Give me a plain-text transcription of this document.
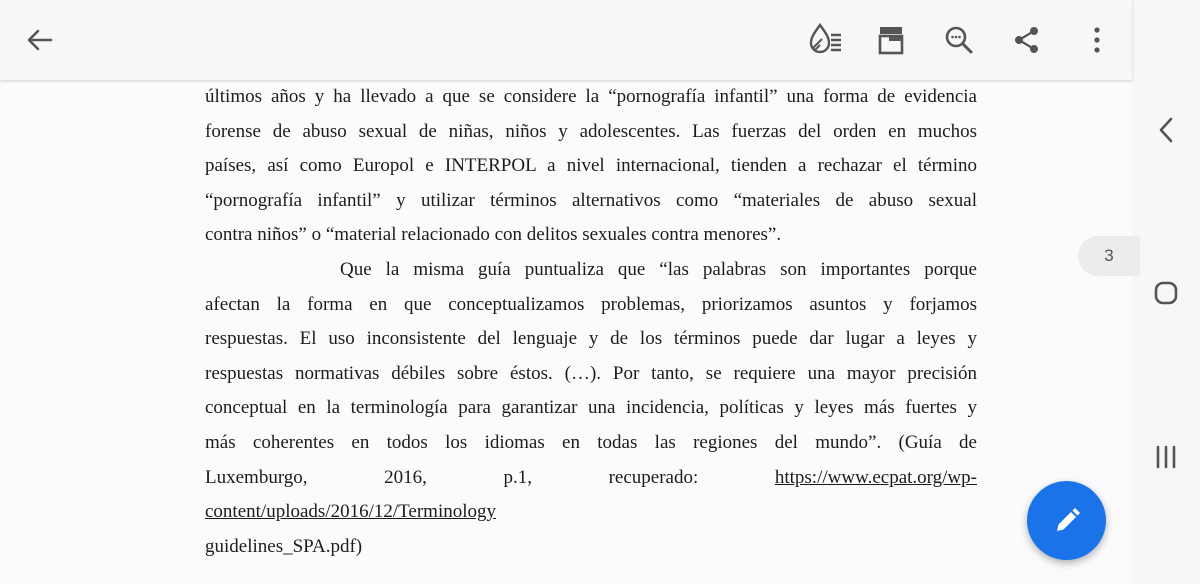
últimos años y ha llevado a que se considere la “pornografía infantil” una forma de evidencia
forense de abuso sexual de niñas, niños y adolescentes. Las fuerzas del orden en muchos
países, así como Europol e INTERPOL a nivel internacional, tienden a rechazar el término
“pornografía infantil” y utilizar términos alternativos como “materiales de abuso sexual
contra niños” o “material relacionado con delitos sexuales contra menores”.
Que la misma guía puntualiza que “las palabras son importantes porque
afectan la forma en que conceptualizamos problemas, priorizamos asuntos y forjamos
respuestas. El uso inconsistente del lenguaje y de los términos puede dar lugar a leyes y
respuestas normativas débiles sobre éstos. (…). Por tanto, se requiere una mayor precisión
conceptual en la terminología para garantizar una incidencia, políticas y leyes más fuertes y
más coherentes en todos los idiomas en todas las regiones del mundo”. (Guía de
Luxemburgo,	2016,	p.1,	recuperado:	https://www.ecpat.org/wp-
content/uploads/2016/12/Terminology
guidelines_SPA.pdf)
3
